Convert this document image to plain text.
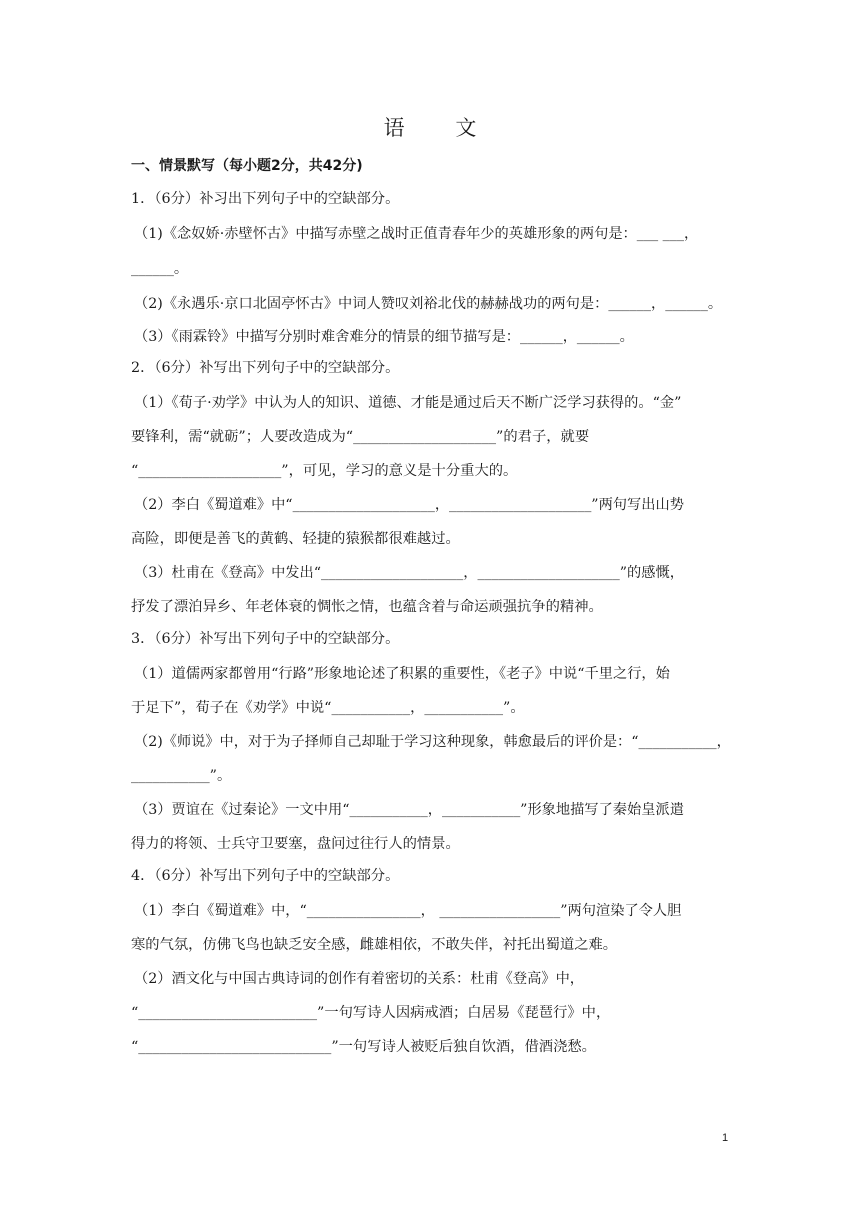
语 文
一、情景默写（每小题2分，共42分)
1．（6分）补习出下列句子中的空缺部分。
（1)《念奴娇·赤壁怀古》中描写赤壁之战时正值青春年少的英雄形象的两句是：___ ___，
______。
（2)《永遇乐·京口北固亭怀古》中词人赞叹刘裕北伐的赫赫战功的两句是：______，______。
（3）《雨霖铃》中描写分别时难舍难分的情景的细节描写是：______，______。
2．（6分）补写出下列句子中的空缺部分。
（1）《荀子·劝学》中认为人的知识、道德、才能是通过后天不断广泛学习获得的。“金”
要锋利，需“就砺”；人要改造成为“____________________”的君子，就要
“____________________”，可见，学习的意义是十分重大的。
（2）李白《蜀道难》中“____________________，____________________”两句写出山势
高险，即便是善飞的黄鹤、轻捷的猿猴都很难越过。
（3）杜甫在《登高》中发出“____________________，____________________”的感慨，
抒发了漂泊异乡、年老体衰的惆怅之情，也蕴含着与命运顽强抗争的精神。
3．（6分）补写出下列句子中的空缺部分。
（1）道儒两家都曾用“行路”形象地论述了积累的重要性，《老子》中说“千里之行，始
于足下”，荀子在《劝学》中说“___________，___________”。
（2)《师说》中，对于为子择师自己却耻于学习这种现象，韩愈最后的评价是：“___________，
___________”。
（3）贾谊在《过秦论》一文中用“___________，___________”形象地描写了秦始皇派遣
得力的将领、士兵守卫要塞，盘问过往行人的情景。
4．（6分）补写出下列句子中的空缺部分。
（1）李白《蜀道难》中，“________________， _________________”两句渲染了令人胆
寒的气氛，仿佛飞鸟也缺乏安全感，雌雄相依，不敢失伴，衬托出蜀道之难。
（2）酒文化与中国古典诗词的创作有着密切的关系：杜甫《登高》中，
“_________________________”一句写诗人因病戒酒；白居易《琵琶行》中，
“___________________________”一句写诗人被贬后独自饮酒，借酒浇愁。
1
